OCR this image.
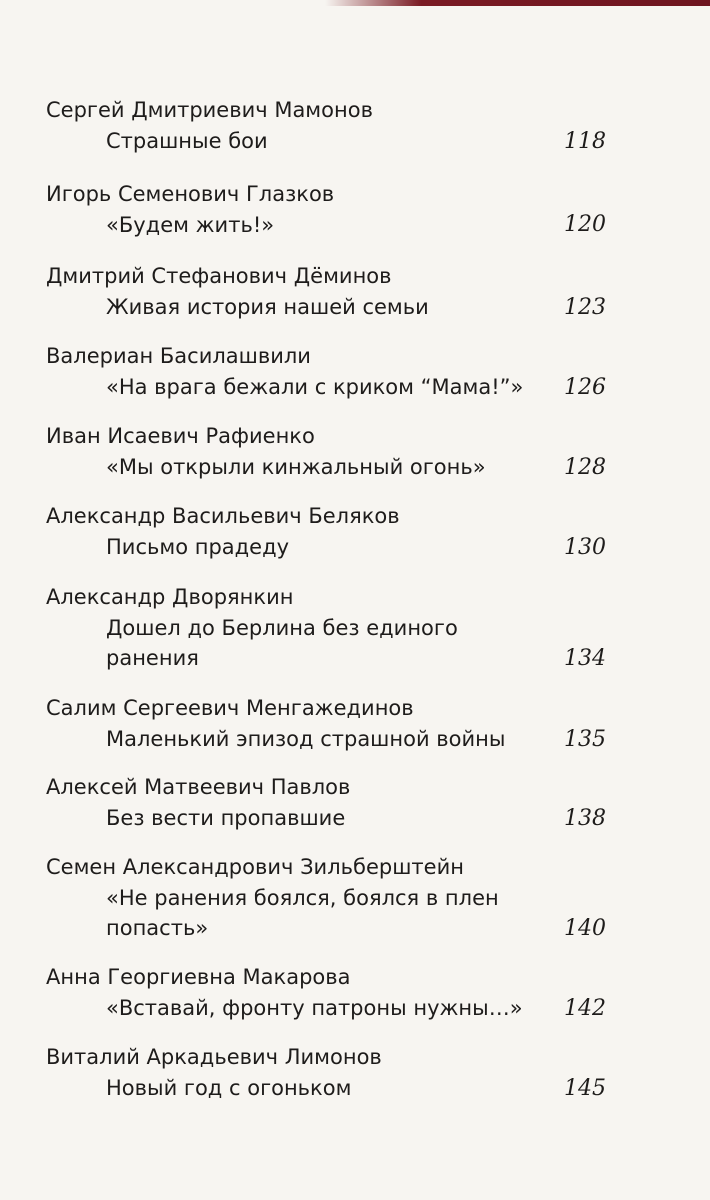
Сергей Дмитриевич Мамонов
Страшные бои	118
Игорь Семенович Глазков
«Будем жить!»	120
Дмитрий Стефанович Дёминов
Живая история нашей семьи	123
Валериан Басилашвили
«На врага бежали с криком “Мама!”»	126
Иван Исаевич Рафиенко
«Мы открыли кинжальный огонь»	128
Александр Васильевич Беляков
Письмо прадеду	130
Александр Дворянкин
Дошел до Берлина без единого
ранения	134
Салим Сергеевич Менгажединов
Маленький эпизод страшной войны	135
Алексей Матвеевич Павлов
Без вести пропавшие	138
Семен Александрович Зильберштейн
«Не ранения боялся, боялся в плен
попасть»	140
Анна Георгиевна Макарова
«Вставай, фронту патроны нужны…»	142
Виталий Аркадьевич Лимонов
Новый год с огоньком	145
